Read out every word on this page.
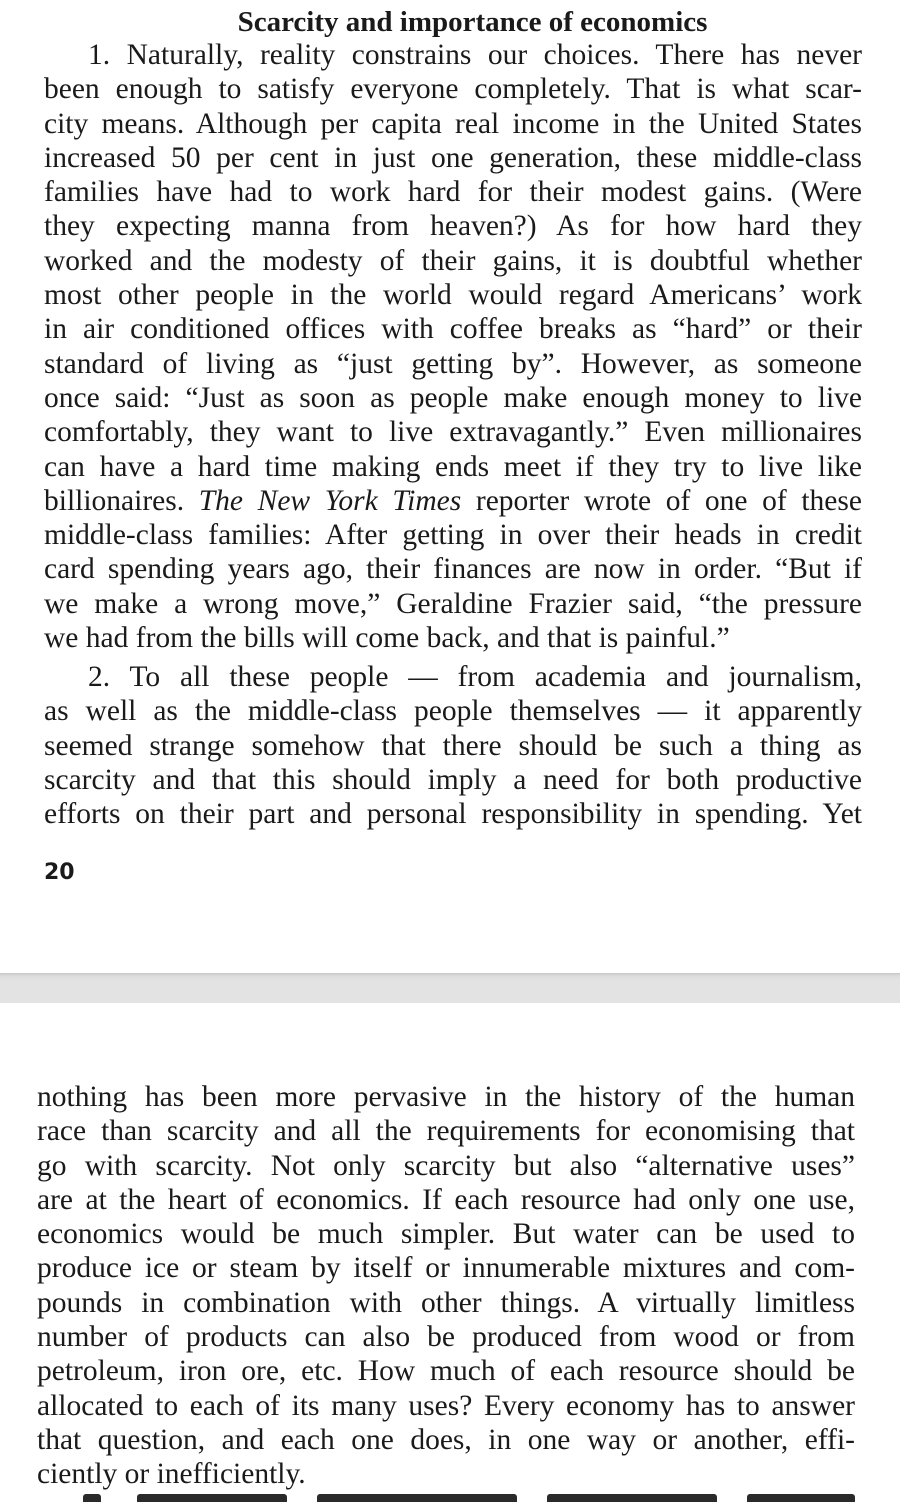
Scarcity and importance of economics
1. Naturally, reality constrains our choices. There has never
been enough to satisfy everyone completely. That is what scar-
city means. Although per capita real income in the United States
increased 50 per cent in just one generation, these middle-class
families have had to work hard for their modest gains. (Were
they expecting manna from heaven?) As for how hard they
worked and the modesty of their gains, it is doubtful whether
most other people in the world would regard Americans’ work
in air conditioned offices with coffee breaks as “hard” or their
standard of living as “just getting by”. However, as someone
once said: “Just as soon as people make enough money to live
comfortably, they want to live extravagantly.” Even millionaires
can have a hard time making ends meet if they try to live like
billionaires. The New York Times reporter wrote of one of these
middle-class families: After getting in over their heads in credit
card spending years ago, their finances are now in order. “But if
we make a wrong move,” Geraldine Frazier said, “the pressure
we had from the bills will come back, and that is painful.”
2. To all these people — from academia and journalism,
as well as the middle-class people themselves — it apparently
seemed strange somehow that there should be such a thing as
scarcity and that this should imply a need for both productive
efforts on their part and personal responsibility in spending. Yet
20
nothing has been more pervasive in the history of the human
race than scarcity and all the requirements for economising that
go with scarcity. Not only scarcity but also “alternative uses”
are at the heart of economics. If each resource had only one use,
economics would be much simpler. But water can be used to
produce ice or steam by itself or innumerable mixtures and com-
pounds in combination with other things. A virtually limitless
number of products can also be produced from wood or from
petroleum, iron ore, etc. How much of each resource should be
allocated to each of its many uses? Every economy has to answer
that question, and each one does, in one way or another, effi-
ciently or inefficiently.
